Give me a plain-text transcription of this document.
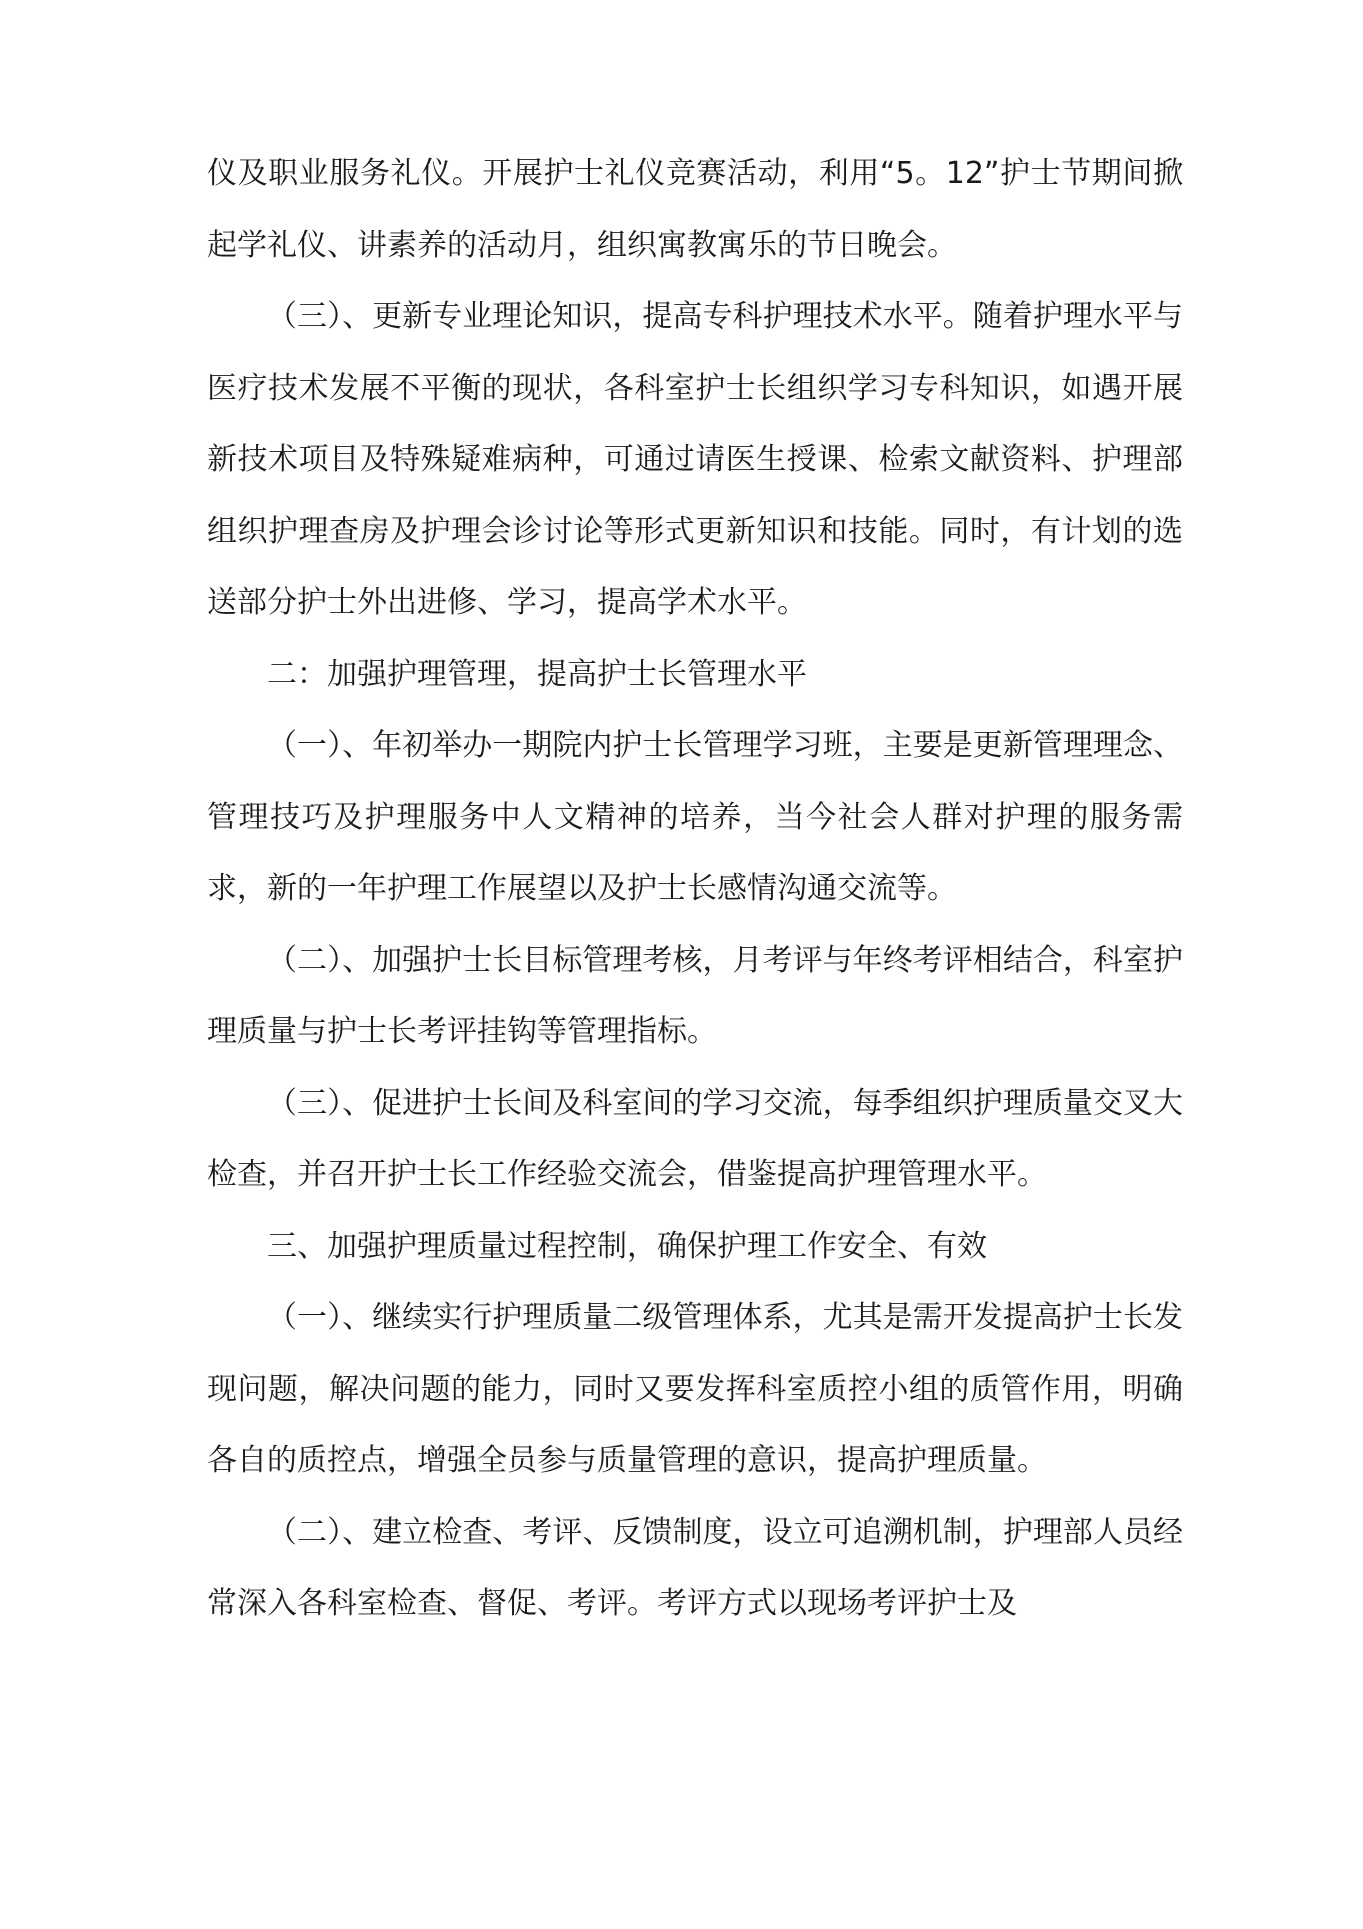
仪及职业服务礼仪。开展护士礼仪竞赛活动，利用“5。12”护士节期间掀起学礼仪、讲素养的活动月，组织寓教寓乐的节日晚会。

（三）、更新专业理论知识，提高专科护理技术水平。随着护理水平与医疗技术发展不平衡的现状，各科室护士长组织学习专科知识，如遇开展新技术项目及特殊疑难病种，可通过请医生授课、检索文献资料、护理部组织护理查房及护理会诊讨论等形式更新知识和技能。同时，有计划的选送部分护士外出进修、学习，提高学术水平。

二：加强护理管理，提高护士长管理水平

（一）、年初举办一期院内护士长管理学习班，主要是更新管理理念、管理技巧及护理服务中人文精神的培养，当今社会人群对护理的服务需求，新的一年护理工作展望以及护士长感情沟通交流等。

（二）、加强护士长目标管理考核，月考评与年终考评相结合，科室护理质量与护士长考评挂钩等管理指标。

（三）、促进护士长间及科室间的学习交流，每季组织护理质量交叉大检查，并召开护士长工作经验交流会，借鉴提高护理管理水平。

三、加强护理质量过程控制，确保护理工作安全、有效

（一）、继续实行护理质量二级管理体系，尤其是需开发提高护士长发现问题，解决问题的能力，同时又要发挥科室质控小组的质管作用，明确各自的质控点，增强全员参与质量管理的意识，提高护理质量。

（二）、建立检查、考评、反馈制度，设立可追溯机制，护理部人员经常深入各科室检查、督促、考评。考评方式以现场考评护士及
